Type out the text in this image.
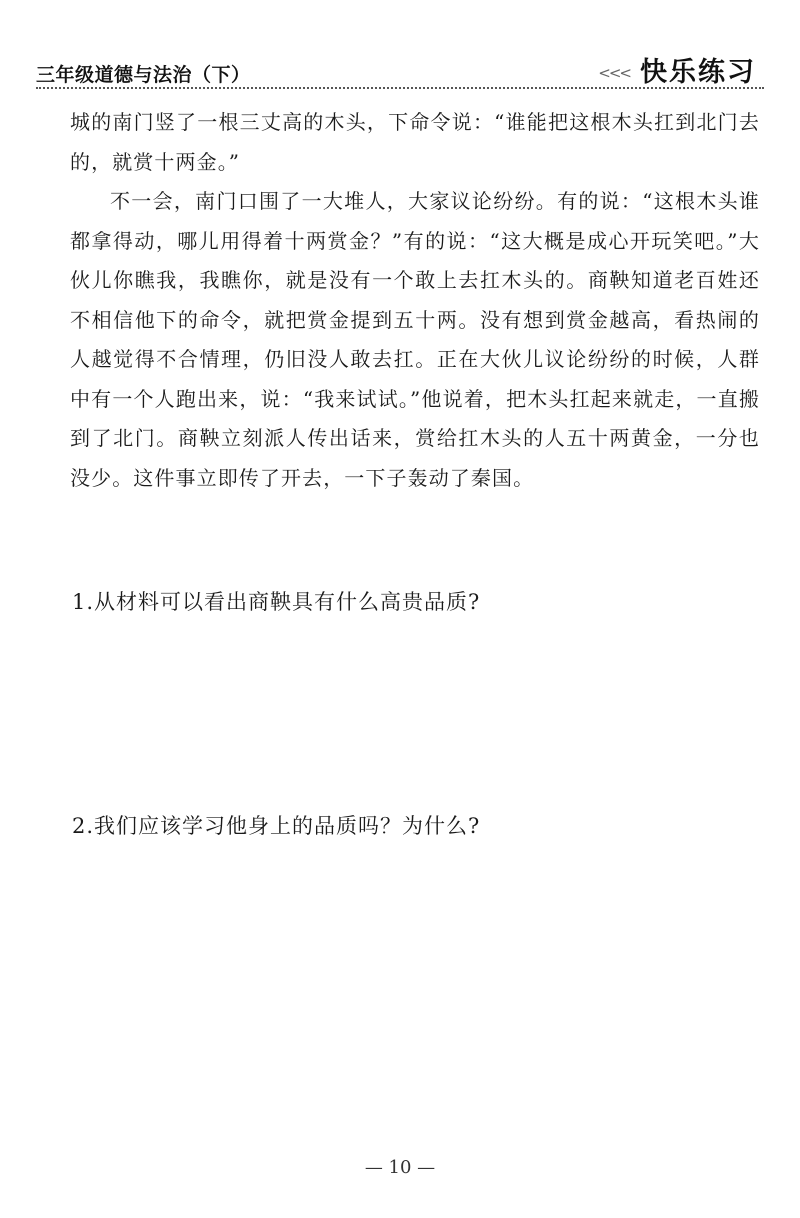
三年级道德与法治（下）	<<< 快乐练习

城的南门竖了一根三丈高的木头，下命令说：“谁能把这根木头扛到北门去的，就赏十两金。”

不一会，南门口围了一大堆人，大家议论纷纷。有的说：“这根木头谁都拿得动，哪儿用得着十两赏金？”有的说：“这大概是成心开玩笑吧。”大伙儿你瞧我，我瞧你，就是没有一个敢上去扛木头的。商鞅知道老百姓还不相信他下的命令，就把赏金提到五十两。没有想到赏金越高，看热闹的人越觉得不合情理，仍旧没人敢去扛。正在大伙儿议论纷纷的时候，人群中有一个人跑出来，说：“我来试试。”他说着，把木头扛起来就走，一直搬到了北门。商鞅立刻派人传出话来，赏给扛木头的人五十两黄金，一分也没少。这件事立即传了开去，一下子轰动了秦国。

1.从材料可以看出商鞅具有什么高贵品质?
2.我们应该学习他身上的品质吗？为什么?
— 10 —
